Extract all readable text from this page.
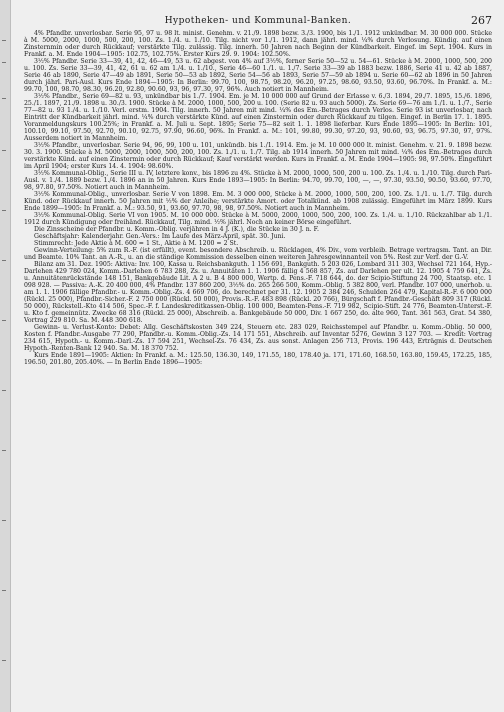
Hypotheken- und Kommunal-Banken.	267

4% Pfandbr. unverlosbar. Serie 95, 97 u. 98 lt. minist. Genehm. v. 21./9. 1898 bezw. 3./3. 1900, bis 1./1. 1912 unkündbar. M. 30 000 000. Stücke à M. 5000, 2000, 1000, 500, 200, 100. Zs. 1./4. u. 1./10. Tilg. nicht vor 1./1. 1912, dann jährl. mind. ¼% durch Verlosung. Kündig. auf einen Zinsternmin oder durch Rückkauf; verstärkte Tilg. zulässig. Tilg. innerh. 50 Jahren nach Beginn der Kündbarkeit. Eingef. im Sept. 1904. Kurs in Frankf. a. M. Ende 1904—1905: 102.75, 102.75%. Erster Kurs 29. 9. 1904: 102.50%.

3½% Pfandbr. Serie 33—39, 41, 42, 46—49, 53 u. 62 abgest. von 4% auf 3½%, ferner Serie 50—52 u. 54—61. Stücke à M. 2000, 1000, 500, 200 u. 100. Zs. Serie 33—39, 41, 42, 61 u. 62 am 1./4. u. 1./10., Serie 46—60 1./1. u. 1./7. Serie 33—39 ab 1883 bezw. 1886, Serie 41 u. 42 ab 1887, Serie 46 ab 1890, Serie 47—49 ab 1891, Serie 50—53 ab 1892, Serie 54—56 ab 1893, Serie 57—59 ab 1894 u. Serie 60—62 ab 1896 in 50 Jahren durch jährl. Pari-Ausl. Kurs Ende 1894—1905: In Berlin: 99.70, 100, 98.75, 98.20, 96.20, 97.25, 98.60, 93.50, 93.60, 96.70%. In Frankf. a. M.: 99.70, 100, 98.70, 98.30, 96.20, 92.80, 90.60, 93, 96, 97.30, 97, 96%. Auch notiert in Mannheim.

3½% Pfandbr., Serie 69—82 u. 93, unkündbar bis 1./7. 1904. Em. je M. 10 000 000 auf Grund der Erlasse v. 6./3. 1894, 29./7. 1895, 15./6. 1896, 25./1. 1897, 21./9. 1898 u. 30./3. 1900. Stücke à M. 2000, 1000, 500, 200 u. 100. (Serie 82 u. 93 auch 5000). Zs. Serie 69—76 am 1./1. u. 1./7., Serie 77—82 u. 93 1./4. u. 1./10. Verl. erstm. 1904. Tilg. innerh. 50 Jahren mit mind. ¼% des Em.-Betrages durch Verlos. Serie 93 ist unverlosbar, nach Eintritt der Kündbarkeit jährl. mind. ¼% durch verstärkte Künd. auf einen Zinstermin oder durch Rückkauf zu tilgen. Eingef. in Berlin 17. 1. 1895. Voranmeldungskurs 100.25%; in Frankf. a. M. Juli u. Sept. 1895; Serie 75—82 seit 1. 1. 1898 lieferbar. Kurs Ende 1895—1905: In Berlin: 101, 100.10, 99.10, 97.50, 92.70, 90.10, 92.75, 97.90, 96.60, 96%. In Frankf. a. M.: 101, 99.80, 99.30, 97.20, 93, 90.60, 93, 96.75, 97.30, 97, 97%. Ausserdem notiert in Mannheim.

3½% Pfandbr., unverlosbar. Serie 94, 96, 99, 100 u. 101, unkündb. bis 1./1. 1914. Em. je M. 10 000 000 lt. minist. Genehm. v. 21. 9. 1898 bezw. 30. 3. 1900. Stücke à M. 5000, 2000, 1000, 500, 200, 100. Zs. 1./1. u. 1./7. Tilg. ab 1914 innerh. 50 Jahren mit mind. ¼% des Em.-Betrages durch verstärkte Künd. auf einen Zinstermin oder durch Rückkauf; Kauf verstärkt werden. Kurs in Frankf. a. M. Ende 1904—1905: 98, 97.50%. Eingeführt im April 1904; erster Kurs 14. 4. 1904: 98.60%.

3½% Kommunal-Oblig., Serie III u. IV, letztere konv., bis 1896 zu 4%. Stücke à M. 2000, 1000, 500, 200 u. 100. Zs. 1./4. u. 1./10. Tilg. durch Pari-Ausl. v. 1./4. 1889 bezw. 1./4. 1896 an in 50 Jahren. Kurs Ende 1893—1905: In Berlin: 94.70, 99.70, 100, —, —, 97.30, 93.50, 90.50, 93.60, 97.70, 98, 97.80, 97.50%. Notiert auch in Mannheim.

3½% Kommunal-Oblig., unverlosbar. Serie V von 1898. Em. M. 3 000 000, Stücke à M. 2000, 1000, 500, 200, 100. Zs. 1./1. u. 1./7. Tilg. durch Künd. oder Rückkauf innerh. 50 Jahren mit ½% der Anleihe; verstärkte Amort. oder Totalkünd. ab 1908 zulässig. Eingeführt im März 1899. Kurs Ende 1899—1905: In Frankf. a. M.: 93.50, 91, 93.60, 97.70, 98, 98, 97.50%. Notiert auch in Mannheim.

3½% Kommunal-Oblig. Serie VI von 1905. M. 10 000 000. Stücke à M. 5000, 2000, 1000, 500, 200, 100. Zs. 1./4. u. 1./10. Rückzahlbar ab 1./1. 1912 durch Kündigung oder freihänd. Rückkauf, Tilg. mind. ½% jährl. Noch an keiner Börse eingeführt.

Die Zinsscheine der Pfandbr. u. Komm.-Oblig. verjähren in 4 J. (K.), die Stücke in 30 J. n. F.

Geschäftsjahr: Kalenderjahr. Gen.-Vers.: Im Laufe des März-April, spät. 30. Juni.

Stimmrecht: Jede Aktie à M. 600 = 1 St., Aktie à M. 1200 = 2 St.

Gewinn-Verteilung: 5% zum R.-F. (ist erfüllt), event. besondere Abschreib. u. Rücklagen, 4% Div., vom verbleib. Betrage vertragsm. Tant. an Dir. und Beamte. 10% Tant. an A.-R., u. an die ständige Kommission desselben einen weiteren Jahresgewinnanteil von 5%. Rest zur Verf. der G.-V.

Bilanz am 31. Dez. 1905: Aktiva: Inv. 100, Kassa u. Reichsbankguth. 1 156 691, Bankguth. 5 203 026, Lombard 311 303, Wechsel 721 164, Hyp.-Darlehen 429 780 024, Komm.-Darlehen 6 783 288, Zs. u. Annuitäten 1. 1. 1906 fällig 4 568 857, Zs. auf Darlehen per ult. 12. 1905 4 759 641, Zs. u. Annuitätenrückstände 148 151, Bankgebäude Lit. A 2 u. B 4 800 000, Wertp. d. Pens.-F. 718 644, do. der Scipio-Stiftung 24 700, Staatsp. etc. 1 098 928. — Passiva: A.-K. 20 400 000, 4% Pfandbr. 137 860 200, 3½% do. 265 266 500, Komm.-Oblig. 5 382 800, verl. Pfandbr. 107 000, unerhob. u. am 1. 1. 1906 fällige Pfandbr.- u. Komm.-Oblig.-Zs. 4 669 706, do. berechnet per 31. 12. 1905 2 384 246, Schulden 264 479, Kapital-R.-F. 6 000 000 (Rückl. 25 000), Pfandbr.-Sicher.-F. 2 750 000 (Rückl. 50 000), Provis.-R.-F. 483 898 (Rückl. 20 766), Bürgschaft f. Pfandbr.-Geschäft 809 317 (Rückl. 50 000), Rückstell.-Kto 414 506, Spec.-F. f. Landeskreditkassen-Oblig. 100 000, Beamten-Pens.-F. 719 982, Scipio-Stift. 24 776, Beamten-Unterst.-F. u. Kto f. gemeinnütz. Zwecke 68 316 (Rückl. 25 000), Abschreib. a. Bankgebäude 50 000, Div. 1 667 250, do. alte 960, Tant. 361 563, Grat. 54 380, Vortrag 229 810. Sa. M. 448 300 618.

Gewinn- u. Verlust-Konto: Debet: Allg. Geschäftskosten 349 224, Steuern etc. 283 029, Reichsstempel auf Pfandbr. u. Komm.-Oblig. 50 000, Kosten f. Pfandbr.-Ausgabe 77 290, Pfandbr.-u. Komm.-Oblig.-Zs. 14 171 551, Abschreib. auf Inventar 5276, Gewinn 3 127 703. — Kredit: Vortrag 234 615, Hypoth.- u. Komm.-Darl.-Zs. 17 594 251, Wechsel-Zs. 76 434, Zs. aus sonst. Anlagen 256 713, Provis. 196 443, Erträgnis d. Deutschen Hypoth.-Renten-Bank 12 940. Sa. M. 18 370 752.

Kurs Ende 1891—1905: Aktien: In Frankf. a. M.: 125.50, 136.30, 149, 171.55, 180, 178.40 ja. 171, 171.60, 168.50, 163.80, 159.45, 172.25, 185, 196.50, 201.80, 205.40%. — In Berlin Ende 1896—1905:
